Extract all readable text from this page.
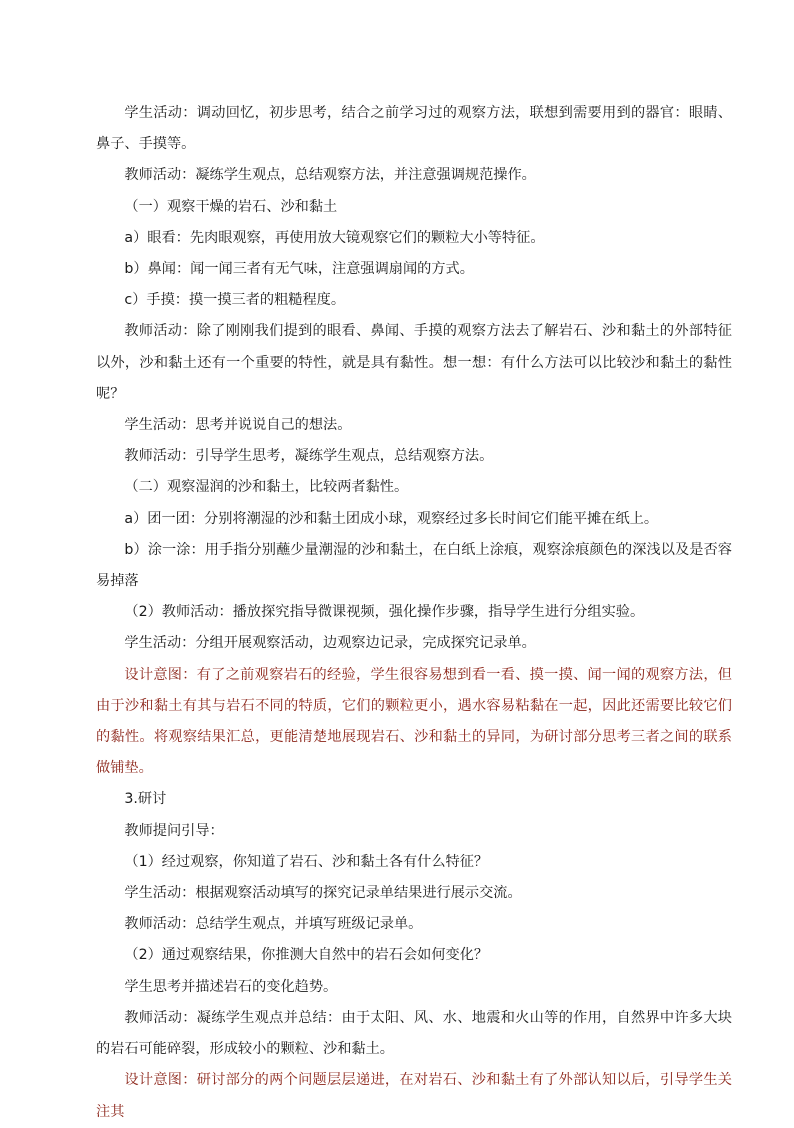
学生活动：调动回忆，初步思考，结合之前学习过的观察方法，联想到需要用到的器官：眼睛、鼻子、手摸等。

教师活动：凝练学生观点，总结观察方法，并注意强调规范操作。

（一）观察干燥的岩石、沙和黏土

a）眼看：先肉眼观察，再使用放大镜观察它们的颗粒大小等特征。

b）鼻闻：闻一闻三者有无气味，注意强调扇闻的方式。

c）手摸：摸一摸三者的粗糙程度。

教师活动：除了刚刚我们提到的眼看、鼻闻、手摸的观察方法去了解岩石、沙和黏土的外部特征以外，沙和黏土还有一个重要的特性，就是具有黏性。想一想：有什么方法可以比较沙和黏土的黏性呢？

学生活动：思考并说说自己的想法。

教师活动：引导学生思考，凝练学生观点，总结观察方法。

（二）观察湿润的沙和黏土，比较两者黏性。

a）团一团：分别将潮湿的沙和黏土团成小球，观察经过多长时间它们能平摊在纸上。

b）涂一涂：用手指分别蘸少量潮湿的沙和黏土，在白纸上涂痕，观察涂痕颜色的深浅以及是否容易掉落

（2）教师活动：播放探究指导微课视频，强化操作步骤，指导学生进行分组实验。

学生活动：分组开展观察活动，边观察边记录，完成探究记录单。

设计意图：有了之前观察岩石的经验，学生很容易想到看一看、摸一摸、闻一闻的观察方法，但由于沙和黏土有其与岩石不同的特质，它们的颗粒更小，遇水容易粘黏在一起，因此还需要比较它们的黏性。将观察结果汇总，更能清楚地展现岩石、沙和黏土的异同，为研讨部分思考三者之间的联系做铺垫。

3.研讨

教师提问引导：

（1）经过观察，你知道了岩石、沙和黏土各有什么特征？

学生活动：根据观察活动填写的探究记录单结果进行展示交流。

教师活动：总结学生观点，并填写班级记录单。

（2）通过观察结果，你推测大自然中的岩石会如何变化？

学生思考并描述岩石的变化趋势。

教师活动：凝练学生观点并总结：由于太阳、风、水、地震和火山等的作用，自然界中许多大块的岩石可能碎裂，形成较小的颗粒、沙和黏土。

设计意图：研讨部分的两个问题层层递进，在对岩石、沙和黏土有了外部认知以后，引导学生关注其
